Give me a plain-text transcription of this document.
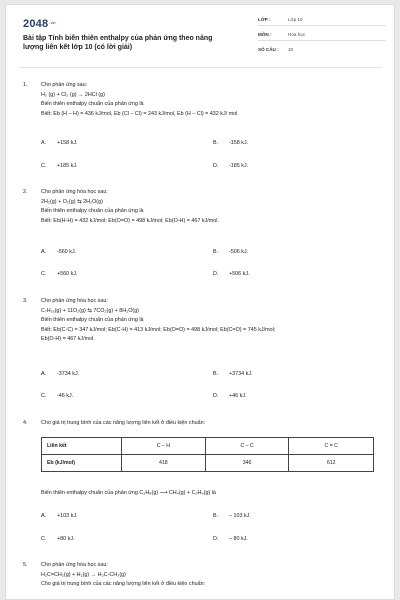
$2048^{.vn}$
Bài tập Tính biến thiên enthalpy của phản ứng theo năng lượng liên kết lớp 10 (có lời giải)
LỚP :	Lớp 10
MÔN :	Hóa học
SỐ CÂU :	10
1.	Cho phản ứng sau:
H₂ (g) + Cl₂ (g) → 2HCl (g)
Biến thiên enthalpy chuẩn của phản ứng là
Biết: Eb (H – H) = 436 kJ/mol, Eb (Cl – Cl) = 243 kJ/mol, Eb (H – Cl) = 432 kJ/ mol
A. +158 kJ.	B. -158 kJ.
C. +185 kJ.	D. -185 kJ.
2.	Cho phản ứng hóa học sau:
2H₂(g) + O₂(g) ⇆ 2H₂O(g)
Biến thiên enthalpy chuẩn của phản ứng là
Biết: Eb(H-H) = 432 kJ/mol; Eb(O=O) = 498 kJ/mol; Eb(O-H) = 467 kJ/mol.
A. -560 kJ.	B. -506 kJ.
C. +560 kJ.	D. +506 kJ.
3.	Cho phản ứng hóa học sau:
C₇H₁₆(g) + 11O₂(g) ⇆ 7CO₂(g) + 8H₂O(g)
Biến thiên enthalpy chuẩn của phản ứng là
Biết: Eb(C-C) = 347 kJ/mol; Eb(C-H) = 413 kJ/mol; Eb(O=O) = 498 kJ/mol; Eb(C=O) = 745 kJ/mol;
Eb(O-H) = 467 kJ/mol.
A. -3734 kJ.	B. +3734 kJ.
C. -46 kJ.	D. +46 kJ.
4.	Cho giá trị trung bình của các năng lượng liên kết ở điều kiện chuẩn:
Liên kết	C – H	C – C	C = C
Eb (kJ/mol)	418	346	612
Biến thiên enthalpy chuẩn của phản ứng C₃H₈(g) ⟶ CH₄(g) + C₂H₄(g) là
A. +103 kJ.	B. – 103 kJ.
C. +80 kJ.	D. – 80 kJ.
5.	Cho phản ứng hóa học sau:
H₂C=CH₂(g) + H₂(g) → H₃C-CH₃(g)
Cho giá trị trung bình của các năng lượng liên kết ở điều kiện chuẩn:
